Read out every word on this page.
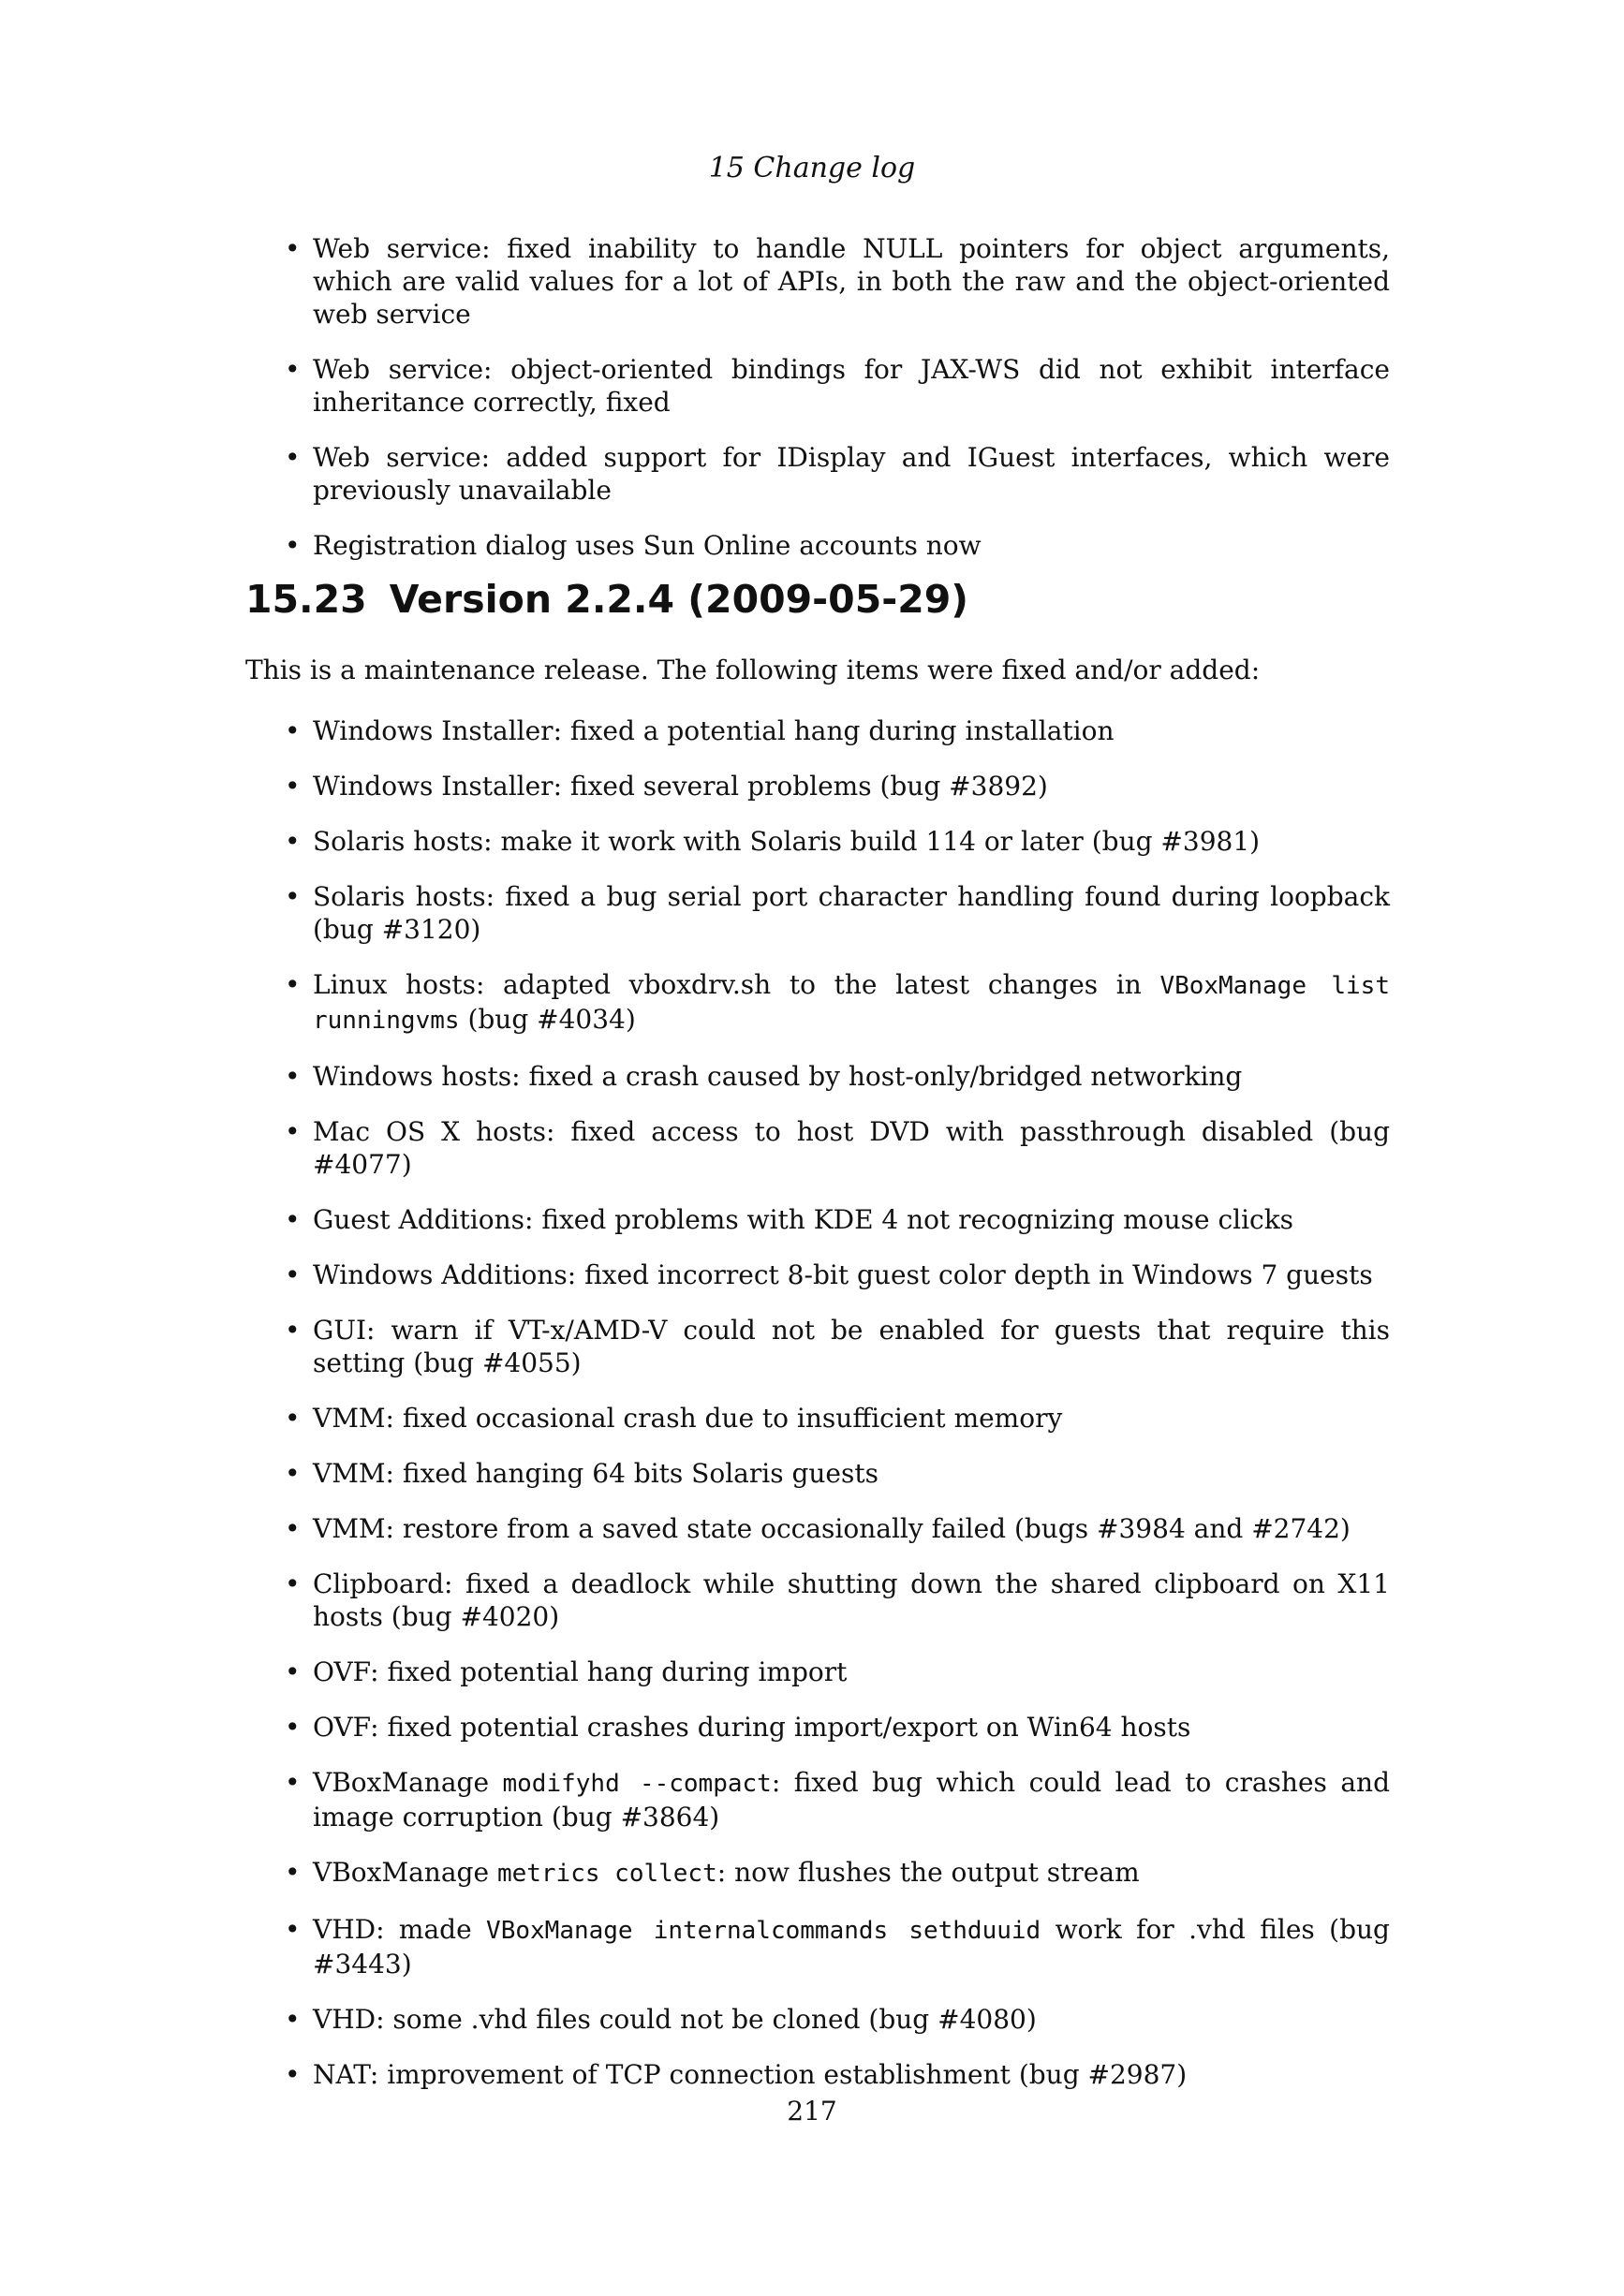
15 Change log
•
Web service: fixed inability to handle NULL pointers for object arguments, which are valid values for a lot of APIs, in both the raw and the object-oriented web service
•
Web service: object-oriented bindings for JAX-WS did not exhibit interface inheritance correctly, fixed
•
Web service: added support for IDisplay and IGuest interfaces, which were previously unavailable
•
Registration dialog uses Sun Online accounts now
15.23 Version 2.2.4 (2009-05-29)

This is a maintenance release. The following items were fixed and/or added:

•
Windows Installer: fixed a potential hang during installation
•
Windows Installer: fixed several problems (bug #3892)
•
Solaris hosts: make it work with Solaris build 114 or later (bug #3981)
•
Solaris hosts: fixed a bug serial port character handling found during loopback (bug #3120)
•
Linux hosts: adapted vboxdrv.sh to the latest changes in VBoxManage list runningvms (bug #4034)
•
Windows hosts: fixed a crash caused by host-only/bridged networking
•
Mac OS X hosts: fixed access to host DVD with passthrough disabled (bug #4077)
•
Guest Additions: fixed problems with KDE 4 not recognizing mouse clicks
•
Windows Additions: fixed incorrect 8-bit guest color depth in Windows 7 guests
•
GUI: warn if VT-x/AMD-V could not be enabled for guests that require this setting (bug #4055)
•
VMM: fixed occasional crash due to insufficient memory
•
VMM: fixed hanging 64 bits Solaris guests
•
VMM: restore from a saved state occasionally failed (bugs #3984 and #2742)
•
Clipboard: fixed a deadlock while shutting down the shared clipboard on X11 hosts (bug #4020)
•
OVF: fixed potential hang during import
•
OVF: fixed potential crashes during import/export on Win64 hosts
•
VBoxManage modifyhd --compact: fixed bug which could lead to crashes and image corruption (bug #3864)
•
VBoxManage metrics collect: now flushes the output stream
•
VHD: made VBoxManage internalcommands sethduuid work for .vhd files (bug #3443)
•
VHD: some .vhd files could not be cloned (bug #4080)
•
NAT: improvement of TCP connection establishment (bug #2987)
217
